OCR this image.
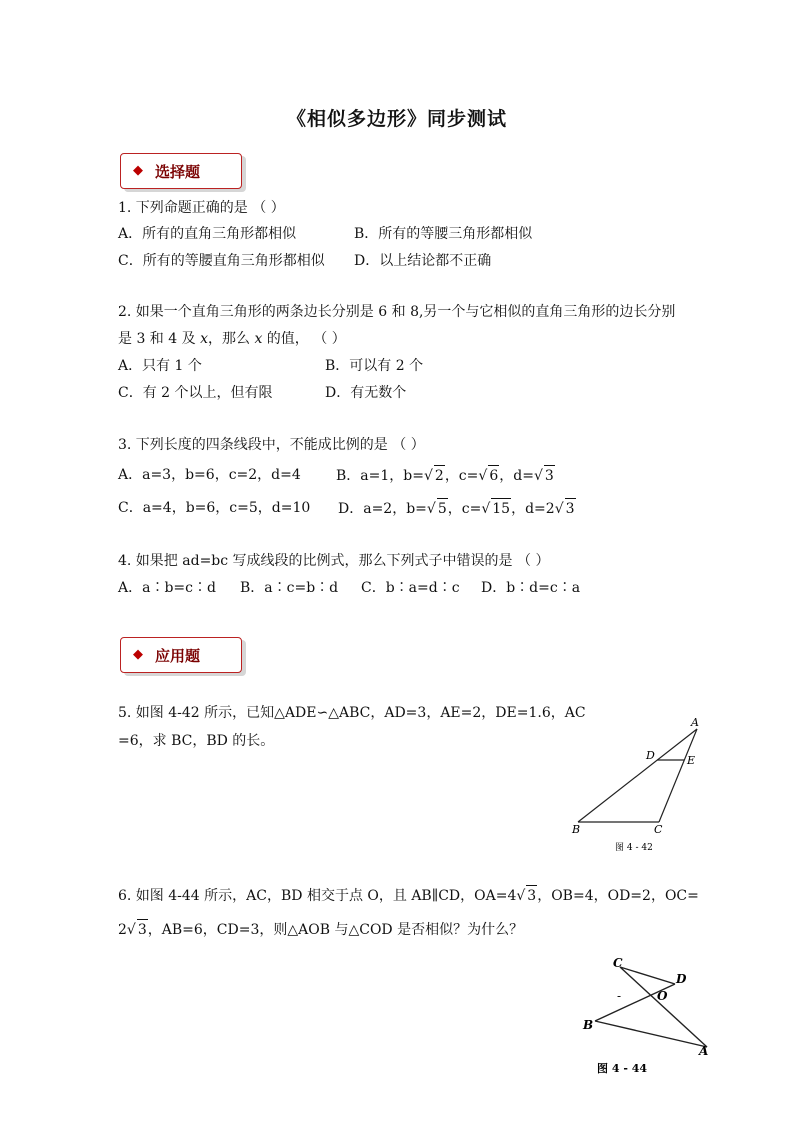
《相似多边形》同步测试
◆ 选择题
1. 下列命题正确的是 （ ）
A．所有的直角三角形都相似	B．所有的等腰三角形都相似
C．所有的等腰直角三角形都相似 D．以上结论都不正确
2. 如果一个直角三角形的两条边长分别是 6 和 8,另一个与它相似的直角三角形的边长分别
是 3 和 4 及 x，那么 x 的值， （ ）
A．只有 1 个	B．可以有 2 个
C．有 2 个以上，但有限	D．有无数个
3. 下列长度的四条线段中，不能成比例的是 （ ）
A．a=3，b=6，c=2，d=4	B．a=1，b=√ 2，c=√ 6，d=√ 3
C．a=4，b=6，c=5，d=10 D．a=2，b=√ 5，c=√ 15，d=2√ 3
4. 如果把 ad=bc 写成线段的比例式，那么下列式子中错误的是 （ ）
A．a∶b=c∶d B．a∶c=b∶d C．b∶a=d∶c D．b∶d=c∶a
◆ 应用题
5. 如图 4-42 所示，已知△ADE∽△ABC，AD=3，AE=2，DE=1.6，AC
=6，求 BC，BD 的长。
A
D	E
B	C
图 4 - 42
6. 如图 4-44 所示，AC，BD 相交于点 O，且 AB∥CD，OA=4√ 3，OB=4，OD=2，OC=
2√ 3，AB=6，CD=3，则△AOB 与△COD 是否相似？为什么？
C
D
O
-
B
A
图 4 - 44
